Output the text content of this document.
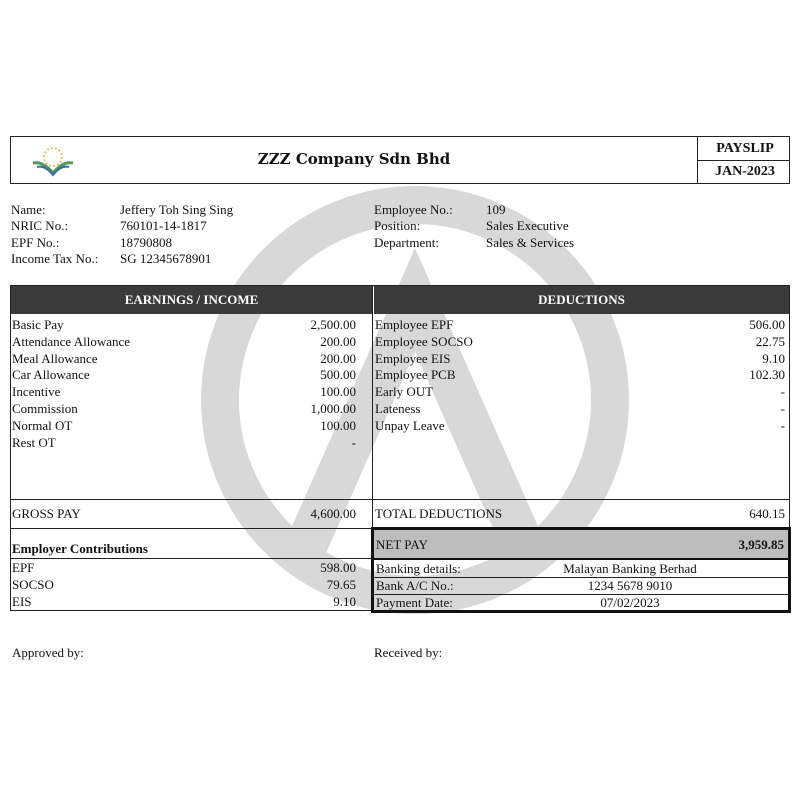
ZZZ Company Sdn Bhd
PAYSLIP
JAN-2023
Name:	Jeffery Toh Sing Sing
NRIC No.:	760101-14-1817
EPF No.:	18790808
Income Tax No.: SG 12345678901
Employee No.:	109
Position:	Sales Executive
Department:	Sales & Services
EARNINGS / INCOME	DEDUCTIONS
Basic Pay	2,500.00
Attendance Allowance	200.00
Meal Allowance	200.00
Car Allowance	500.00
Incentive	100.00
Commission	1,000.00
Normal OT	100.00
Rest OT	-
Employee EPF	506.00
Employee SOCSO	22.75
Employee EIS	9.10
Employee PCB	102.30
Early OUT	-
Lateness	-
Unpay Leave	-
GROSS PAY	4,600.00 TOTAL DEDUCTIONS	640.15
Employer Contributions
EPF	598.00
SOCSO	79.65
EIS	9.10
NET PAY	3,959.85
Banking details:	Malayan Banking Berhad
Bank A/C No.:	1234 5678 9010
Payment Date:	07/02/2023
Approved by:	Received by:
